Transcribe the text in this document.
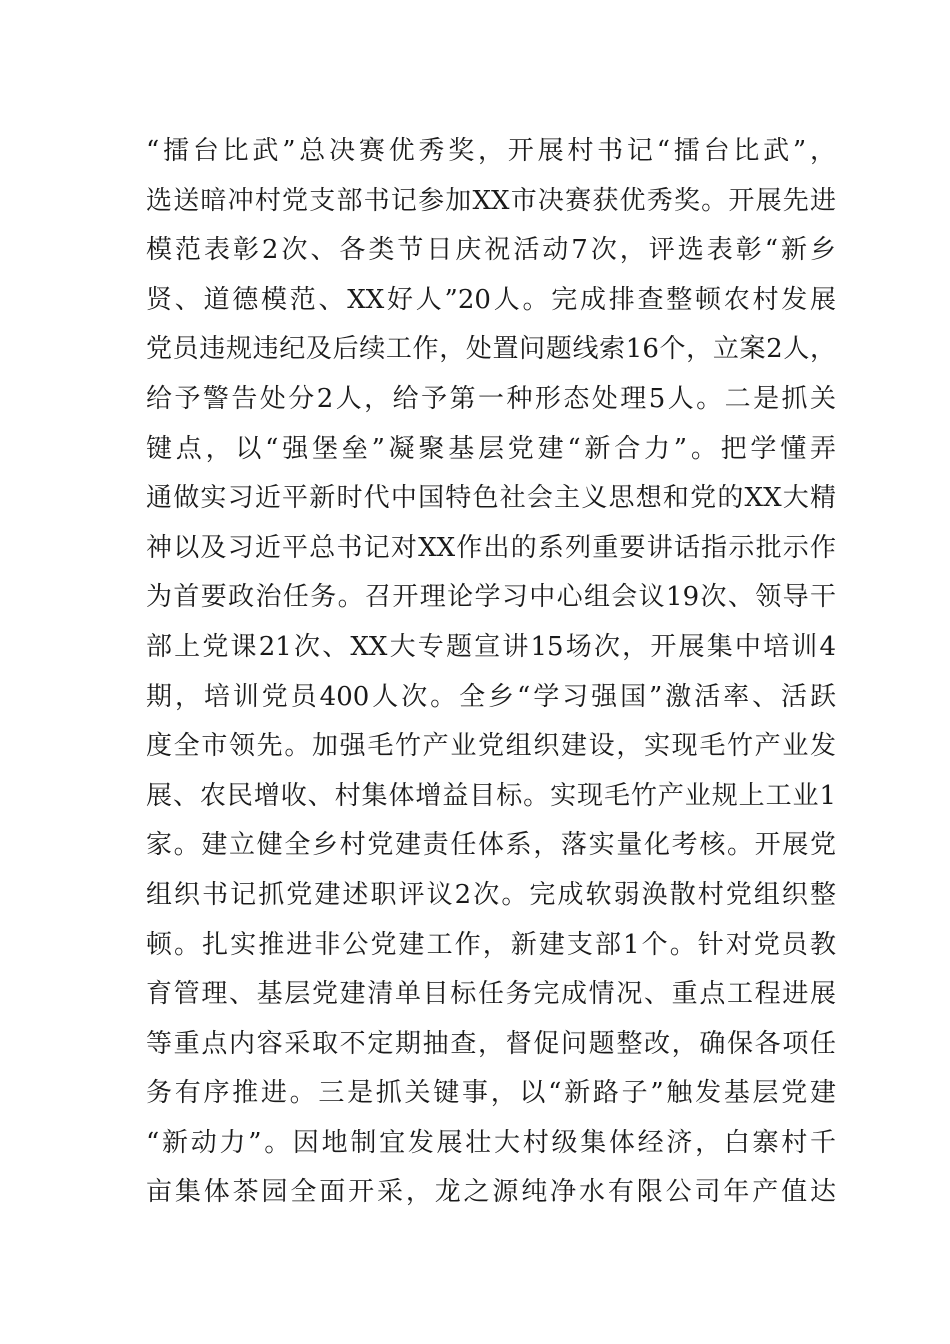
“擂台比武”总决赛优秀奖，开展村书记“擂台比武”，
选送暗冲村党支部书记参加XX市决赛获优秀奖。开展先进
模范表彰2次、各类节日庆祝活动7次，评选表彰“新乡
贤、道德模范、XX好人”20人。完成排查整顿农村发展
党员违规违纪及后续工作，处置问题线索16个，立案2人，
给予警告处分2人，给予第一种形态处理5人。二是抓关
键点，以“强堡垒”凝聚基层党建“新合力”。把学懂弄
通做实习近平新时代中国特色社会主义思想和党的XX大精
神以及习近平总书记对XX作出的系列重要讲话指示批示作
为首要政治任务。召开理论学习中心组会议19次、领导干
部上党课21次、XX大专题宣讲15场次，开展集中培训4
期，培训党员400人次。全乡“学习强国”激活率、活跃
度全市领先。加强毛竹产业党组织建设，实现毛竹产业发
展、农民增收、村集体增益目标。实现毛竹产业规上工业1
家。建立健全乡村党建责任体系，落实量化考核。开展党
组织书记抓党建述职评议2次。完成软弱涣散村党组织整
顿。扎实推进非公党建工作，新建支部1个。针对党员教
育管理、基层党建清单目标任务完成情况、重点工程进展
等重点内容采取不定期抽查，督促问题整改，确保各项任
务有序推进。三是抓关键事，以“新路子”触发基层党建
“新动力”。因地制宜发展壮大村级集体经济，白寨村千
亩集体茶园全面开采，龙之源纯净水有限公司年产值达
